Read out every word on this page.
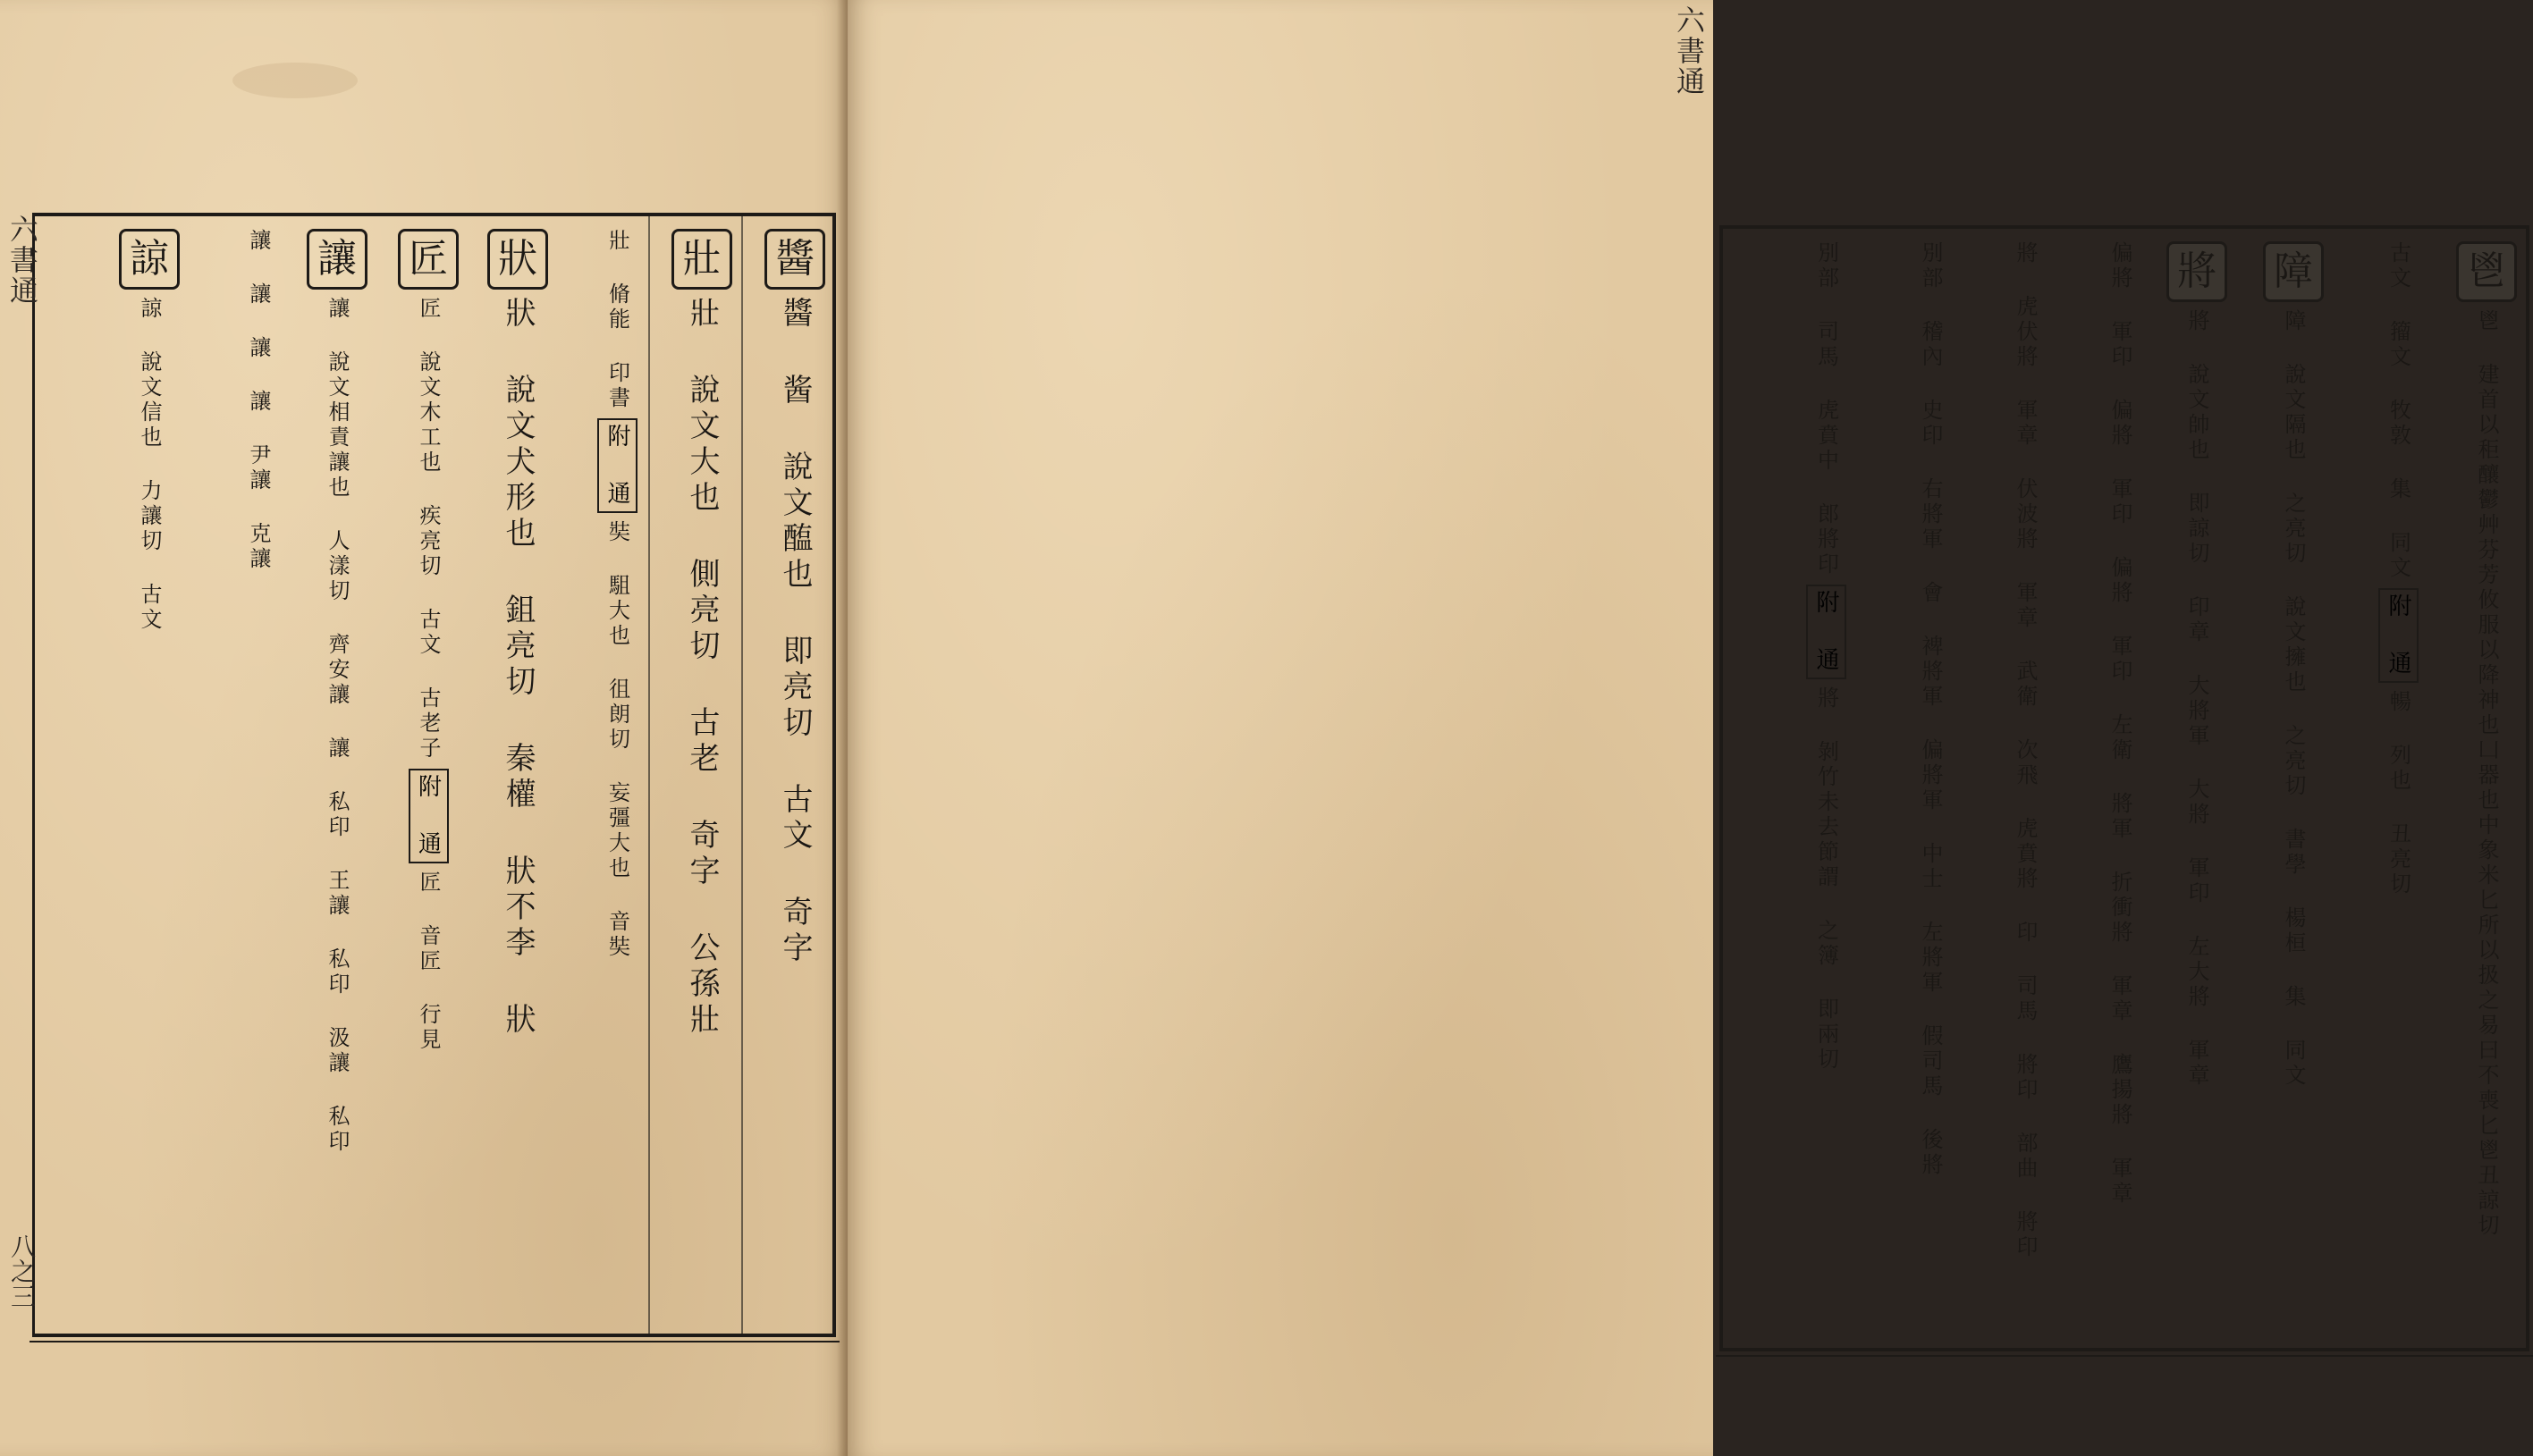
醬
醬 酱 說文醢也 即亮切 古文 奇字
壯
壯 說文大也 側亮切 古老 奇字 公孫壯
壯 脩能 印書
附 通
奘 駔大也 徂朗切 妄彊大也 音奘
狀
狀 說文犬形也 鉏亮切 秦權 狀不李 狀
匠
匠 說文木工也 疾亮切 古文 古老子
附 通
匠 音匠 行見
讓
讓 說文相責讓也 人漾切 齊安讓 讓 私印 王讓 私印 汲讓 私印
讓 讓 讓 讓 尹讓 克讓
諒
諒 說文信也 力讓切 古文
六書通
八之三
鬯
鬯 建首以秬釀鬱艸芬芳攸服以降神也凵器也中象米匕所以扱之易曰不喪匕鬯丑諒切
古文 籀文 牧敦 集 同文
附 通
暢 列也 丑亮切
障
障 說文隔也 之亮切 說文擁也 之亮切 書學 楊桓 集 同文
將
將 說文帥也 即諒切 印章 大將軍 大將 軍印 左大將 軍章
偏將 軍印 偏將 軍印 偏將 軍印 左衛 將軍 折衝將 軍章 鷹揚將 軍章
將 虎伏將 軍章 伏波將 軍章 武衛 次飛 虎賁將 印 司馬 將印 部曲 將印
別部 稽內 史印 右將軍 會 裨將軍 偏將軍 中士 左將軍 假司馬 後將
別部 司馬 虎賁中 郎將印
附 通
將 剝竹未去節謂 之簿 即兩切
六書通
